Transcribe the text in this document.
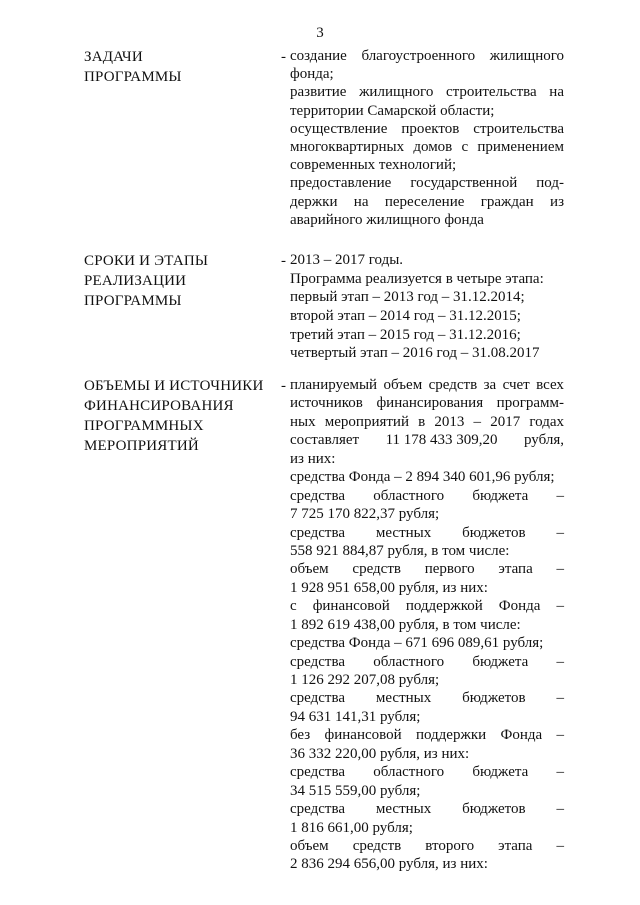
3
ЗАДАЧИ
ПРОГРАММЫ
- создание благоустроенного жилищного
фонда;
развитие жилищного строительства на
территории Самарской области;
осуществление проектов строительства
многоквартирных домов с применением
современных технологий;
предоставление государственной под-
держки на переселение граждан из
аварийного жилищного фонда
СРОКИ И ЭТАПЫ
РЕАЛИЗАЦИИ
ПРОГРАММЫ
- 2013 – 2017 годы.
Программа реализуется в четыре этапа:
первый этап – 2013 год – 31.12.2014;
второй этап – 2014 год – 31.12.2015;
третий этап – 2015 год – 31.12.2016;
четвертый этап – 2016 год – 31.08.2017
ОБЪЕМЫ И ИСТОЧНИКИ
ФИНАНСИРОВАНИЯ
ПРОГРАММНЫХ
МЕРОПРИЯТИЙ
- планируемый объем средств за счет всех
источников финансирования программ-
ных мероприятий в 2013 – 2017 годах
составляет 11 178 433 309,20 рубля,
из них:
средства Фонда – 2 894 340 601,96 рубля;
средства областного бюджета –
7 725 170 822,37 рубля;
средства местных бюджетов –
558 921 884,87 рубля, в том числе:
объем средств первого этапа –
1 928 951 658,00 рубля, из них:
с финансовой поддержкой Фонда –
1 892 619 438,00 рубля, в том числе:
средства Фонда – 671 696 089,61 рубля;
средства областного бюджета –
1 126 292 207,08 рубля;
средства местных бюджетов –
94 631 141,31 рубля;
без финансовой поддержки Фонда –
36 332 220,00 рубля, из них:
средства областного бюджета –
34 515 559,00 рубля;
средства местных бюджетов –
1 816 661,00 рубля;
объем средств второго этапа –
2 836 294 656,00 рубля, из них:
